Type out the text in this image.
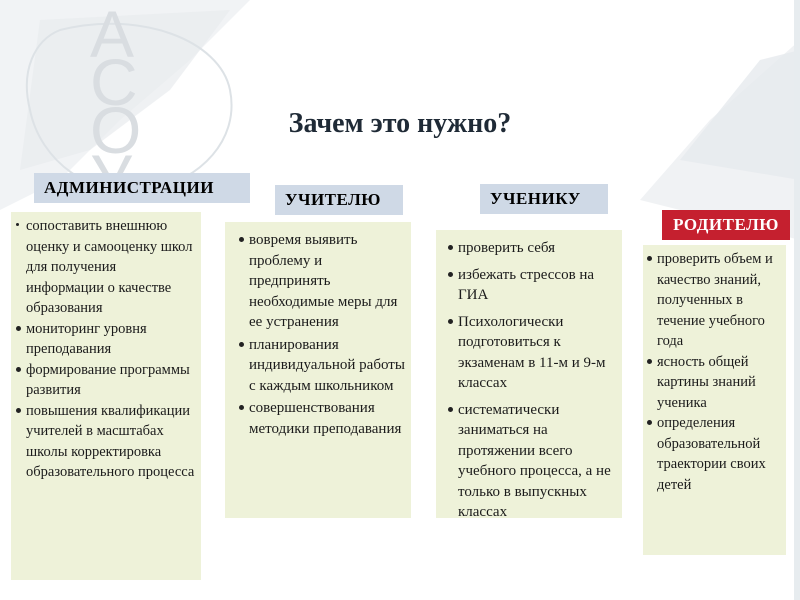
АСО	Зачем это нужно?
АДМИНИСТРАЦИИ
сопоставить внешнюю оценку и самооценку школ для получения информации о качестве образования
мониторинг уровня преподавания
формирование программы развития
повышения квалификации учителей в масштабах школы корректировка образовательного процесса
УЧИТЕЛЮ
вовремя выявить проблему и предпринять необходимые меры для ее устранения
планирования индивидуальной работы с каждым школьником
совершенствования методики преподавания
УЧЕНИКУ
проверить себя
избежать стрессов на ГИА
Психологически подготовиться к экзаменам в 11-м и 9-м классах
систематически заниматься на протяжении всего учебного процесса, а не только в выпускных классах
РОДИТЕЛЮ
проверить объем и качество знаний, полученных в течение учебного года
ясность общей картины знаний ученика
определения образовательной траектории своих детей
